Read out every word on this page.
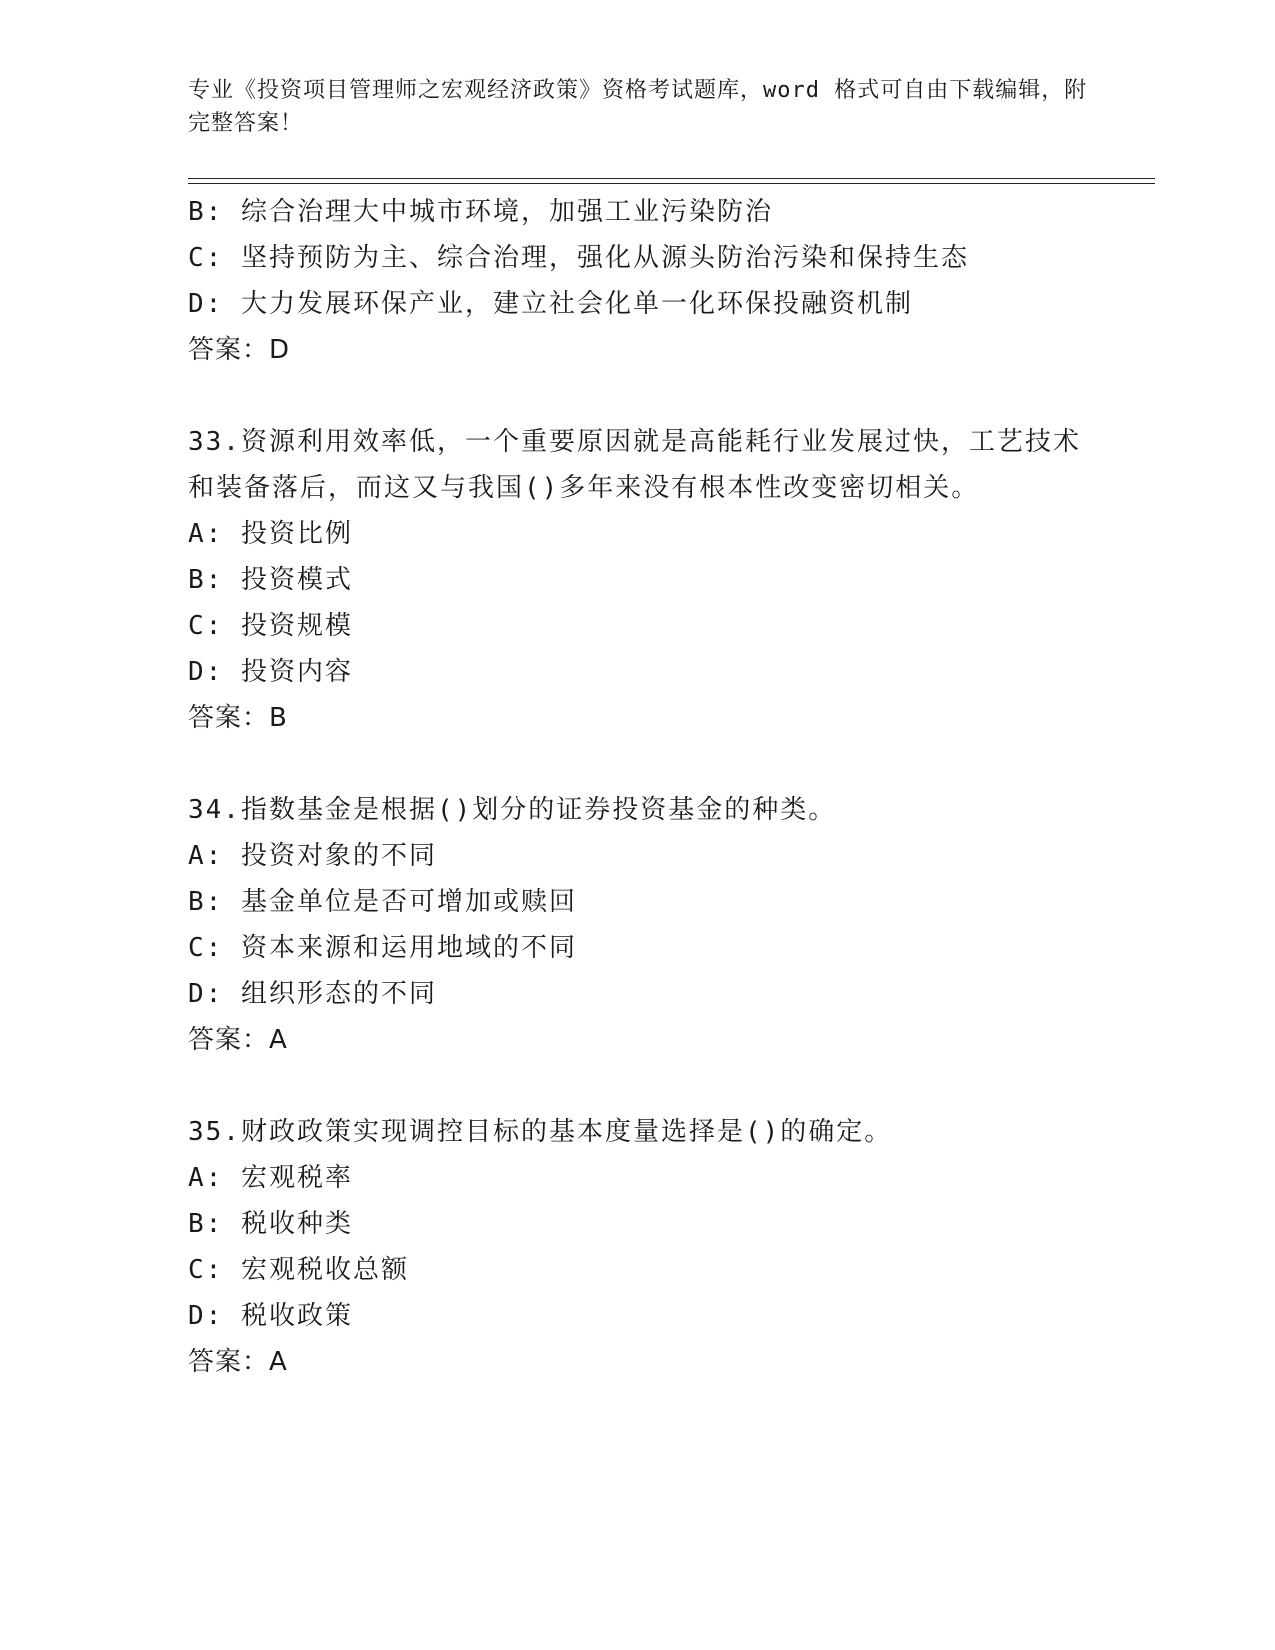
专业《投资项目管理师之宏观经济政策》资格考试题库，word 格式可自由下载编辑，附完整答案！
B: 综合治理大中城市环境，加强工业污染防治
C: 坚持预防为主、综合治理，强化从源头防治污染和保持生态
D: 大力发展环保产业，建立社会化单一化环保投融资机制
答案：D
33.资源利用效率低，一个重要原因就是高能耗行业发展过快，工艺技术和装备落后，而这又与我国()多年来没有根本性改变密切相关。
A: 投资比例
B: 投资模式
C: 投资规模
D: 投资内容
答案：B
34.指数基金是根据()划分的证券投资基金的种类。
A: 投资对象的不同
B: 基金单位是否可增加或赎回
C: 资本来源和运用地域的不同
D: 组织形态的不同
答案：A
35.财政政策实现调控目标的基本度量选择是()的确定。
A: 宏观税率
B: 税收种类
C: 宏观税收总额
D: 税收政策
答案：A
